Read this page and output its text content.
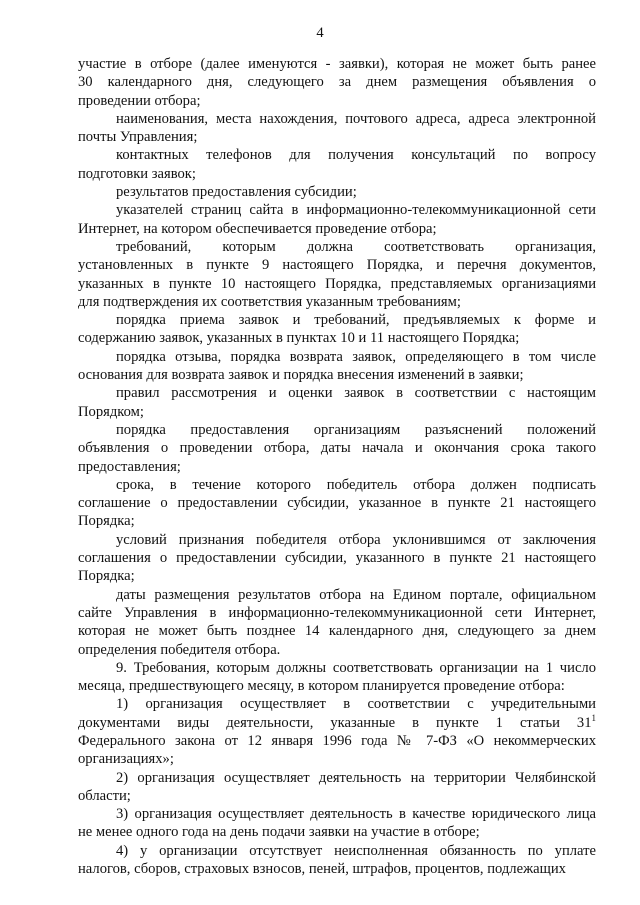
4
участие в отборе (далее именуются - заявки), которая не может быть ранее
30 календарного дня, следующего за днем размещения объявления о
проведении отбора;
наименования, места нахождения, почтового адреса, адреса электронной
почты Управления;
контактных телефонов для получения консультаций по вопросу
подготовки заявок;
результатов предоставления субсидии;
указателей страниц сайта в информационно-телекоммуникационной сети
Интернет, на котором обеспечивается проведение отбора;
требований, которым должна соответствовать организация,
установленных в пункте 9 настоящего Порядка, и перечня документов,
указанных в пункте 10 настоящего Порядка, представляемых организациями
для подтверждения их соответствия указанным требованиям;
порядка приема заявок и требований, предъявляемых к форме и
содержанию заявок, указанных в пунктах 10 и 11 настоящего Порядка;
порядка отзыва, порядка возврата заявок, определяющего в том числе
основания для возврата заявок и порядка внесения изменений в заявки;
правил рассмотрения и оценки заявок в соответствии с настоящим
Порядком;
порядка предоставления организациям разъяснений положений
объявления о проведении отбора, даты начала и окончания срока такого
предоставления;
срока, в течение которого победитель отбора должен подписать
соглашение о предоставлении субсидии, указанное в пункте 21 настоящего
Порядка;
условий признания победителя отбора уклонившимся от заключения
соглашения о предоставлении субсидии, указанного в пункте 21 настоящего
Порядка;
даты размещения результатов отбора на Едином портале, официальном
сайте Управления в информационно-телекоммуникационной сети Интернет,
которая не может быть позднее 14 календарного дня, следующего за днем
определения победителя отбора.
9. Требования, которым должны соответствовать организации на 1 число
месяца, предшествующего месяцу, в котором планируется проведение отбора:
1) организация осуществляет в соответствии с учредительными
документами виды деятельности, указанные в пункте 1 статьи $31^1$
Федерального закона от 12 января 1996 года № 7-ФЗ «О некоммерческих
организациях»;
2) организация осуществляет деятельность на территории Челябинской
области;
3) организация осуществляет деятельность в качестве юридического лица
не менее одного года на день подачи заявки на участие в отборе;
4) у организации отсутствует неисполненная обязанность по уплате
налогов, сборов, страховых взносов, пеней, штрафов, процентов, подлежащих
